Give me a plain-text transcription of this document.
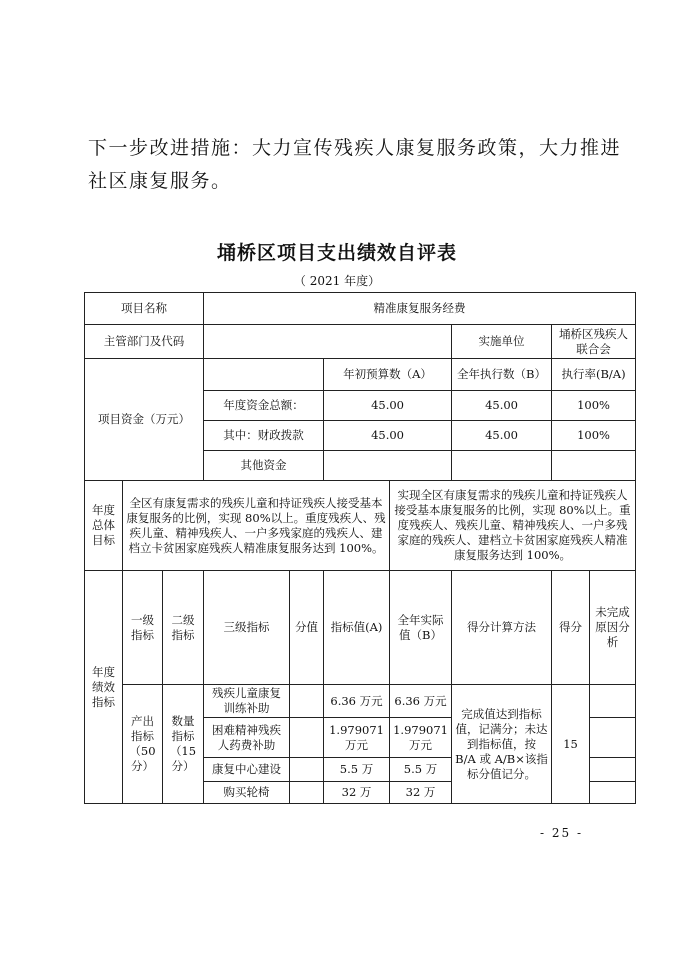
下一步改进措施：大力宣传残疾人康复服务政策，大力推进社区康复服务。
埇桥区项目支出绩效自评表
（ 2021 年度）
项目名称			精准康复服务经费						
主管部门及代码							实施单位	埇桥区残疾人联合会	
项目资金（万元）					年初预算数（A）		全年执行数（B）	执行率(B/A)	
			年度资金总额：		45.00		45.00	100%	
			其中：财政拨款		45.00		45.00	100%	
			其他资金						
年度总体目标	全区有康复需求的残疾儿童和持证残疾人接受基本康复服务的比例，实现 80%以上。重度残疾人、残疾儿童、精神残疾人、一户多残家庭的残疾人、建档立卡贫困家庭残疾人精准康复服务达到 100%。					实现全区有康复需求的残疾儿童和持证残疾人接受基本康复服务的比例，实现 80%以上。重度残疾人、残疾儿童、精神残疾人、一户多残家庭的残疾人、建档立卡贫困家庭残疾人精准康复服务达到 100%。			
年度绩效指标	一级指标	二级指标	三级指标	分值	指标值(A)	全年实际值（B）	得分计算方法	得分	未完成原因分析
	产出指标（50分）	数量指标（15分）	残疾儿童康复训练补助		6.36 万元	6.36 万元	完成值达到指标值，记满分；未达到指标值，按 B/A 或 A/B×该指标分值记分。	15	
			困难精神残疾人药费补助		1.979071 万元	1.979071 万元			
			康复中心建设		5.5 万	5.5 万			
			购买轮椅		32 万	32 万			
- 25 -
